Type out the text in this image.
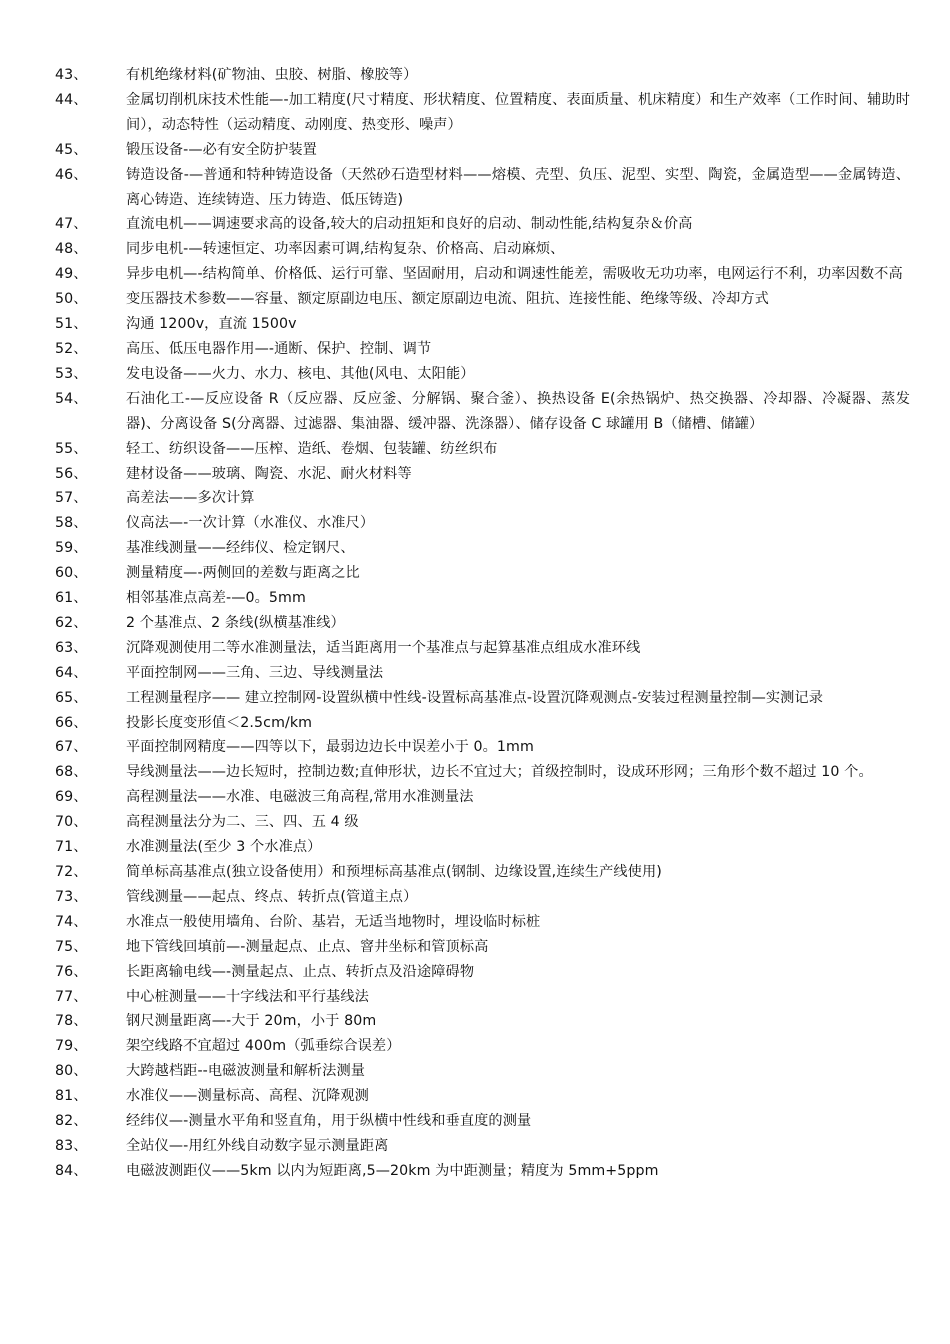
43、	有机绝缘材料(矿物油、虫胶、树脂、橡胶等）
44、	金属切削机床技术性能—-加工精度(尺寸精度、形状精度、位置精度、表面质量、机床精度）和生产效率（工作时间、辅助时间），动态特性（运动精度、动刚度、热变形、噪声）
45、	锻压设备-—必有安全防护装置
46、	铸造设备-—普通和特种铸造设备（天然砂石造型材料——熔模、壳型、负压、泥型、实型、陶瓷，金属造型——金属铸造、离心铸造、连续铸造、压力铸造、低压铸造)
47、	直流电机——调速要求高的设备,较大的启动扭矩和良好的启动、制动性能,结构复杂＆价高
48、	同步电机-—转速恒定、功率因素可调,结构复杂、价格高、启动麻烦、
49、	异步电机—-结构简单、价格低、运行可靠、坚固耐用，启动和调速性能差，需吸收无功功率，电网运行不利，功率因数不高
50、	变压器技术参数——容量、额定原副边电压、额定原副边电流、阻抗、连接性能、绝缘等级、冷却方式
51、	沟通 1200v，直流 1500v
52、	高压、低压电器作用—-通断、保护、控制、调节
53、	发电设备——火力、水力、核电、其他(风电、太阳能）
54、	石油化工-—反应设备 R（反应器、反应釜、分解锅、聚合釜）、换热设备 E(余热锅炉、热交换器、冷却器、冷凝器、蒸发器)、分离设备 S(分离器、过滤器、集油器、缓冲器、洗涤器）、储存设备 C 球罐用 B（储槽、储罐）
55、	轻工、纺织设备——压榨、造纸、卷烟、包装罐、纺丝织布
56、	建材设备——玻璃、陶瓷、水泥、耐火材料等
57、	高差法——多次计算
58、	仪高法—-一次计算（水准仪、水准尺）
59、	基准线测量——经纬仪、检定钢尺、
60、	测量精度—-两侧回的差数与距离之比
61、	相邻基准点高差-—0。5mm
62、	2 个基准点、2 条线(纵横基准线）
63、	沉降观测使用二等水准测量法，适当距离用一个基准点与起算基准点组成水准环线
64、	平面控制网——三角、三边、导线测量法
65、	工程测量程序—— 建立控制网-设置纵横中性线-设置标高基准点-设置沉降观测点-安装过程测量控制—实测记录
66、	投影长度变形值＜2.5cm/km
67、	平面控制网精度——四等以下，最弱边边长中误差小于 0。1mm
68、	导线测量法——边长短时，控制边数;直伸形状，边长不宜过大；首级控制时，设成环形网；三角形个数不超过 10 个。
69、	高程测量法——水准、电磁波三角高程,常用水准测量法
70、	高程测量法分为二、三、四、五 4 级
71、	水准测量法(至少 3 个水准点）
72、	简单标高基准点(独立设备使用）和预埋标高基准点(钢制、边缘设置,连续生产线使用)
73、	管线测量——起点、终点、转折点(管道主点）
74、	水准点一般使用墙角、台阶、基岩，无适当地物时，埋设临时标桩
75、	地下管线回填前—-测量起点、止点、窨井坐标和管顶标高
76、	长距离输电线—-测量起点、止点、转折点及沿途障碍物
77、	中心桩测量——十字线法和平行基线法
78、	钢尺测量距离—-大于 20m，小于 80m
79、	架空线路不宜超过 400m（弧垂综合误差）
80、	大跨越档距--电磁波测量和解析法测量
81、	水准仪——测量标高、高程、沉降观测
82、	经纬仪—-测量水平角和竖直角，用于纵横中性线和垂直度的测量
83、	全站仪—-用红外线自动数字显示测量距离
84、	电磁波测距仪——5km 以内为短距离,5—20km 为中距测量；精度为 5mm+5ppm
